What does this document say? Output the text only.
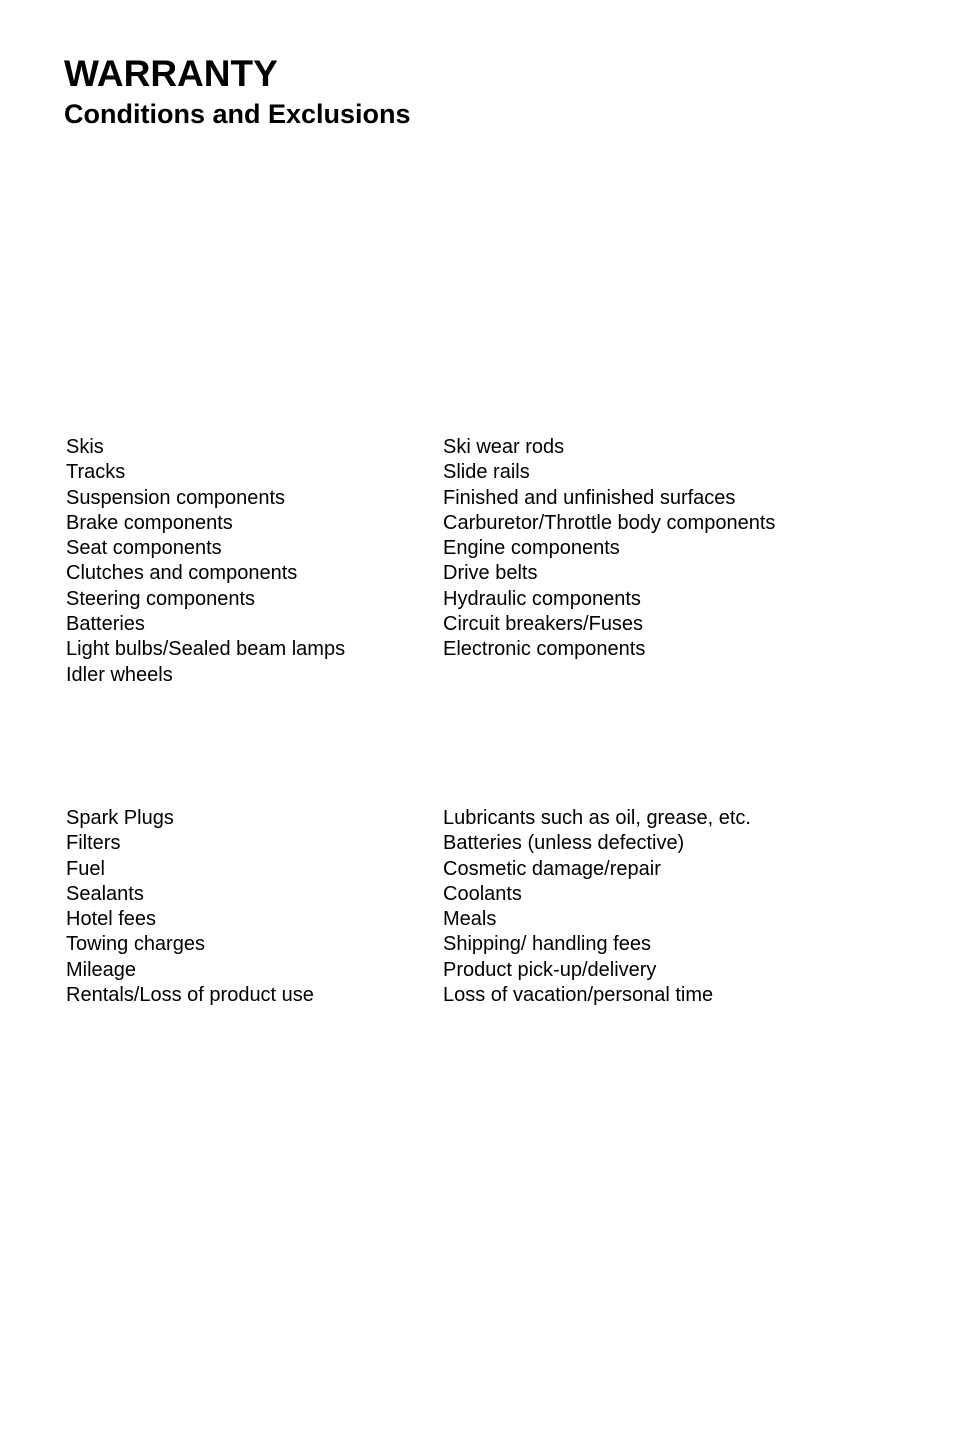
WARRANTY
Conditions and Exclusions
Skis
Tracks
Suspension components
Brake components
Seat components
Clutches and components
Steering components
Batteries
Light bulbs/Sealed beam lamps
Idler wheels
Ski wear rods
Slide rails
Finished and unfinished surfaces
Carburetor/Throttle body components
Engine components
Drive belts
Hydraulic components
Circuit breakers/Fuses
Electronic components
Spark Plugs
Filters
Fuel
Sealants
Hotel fees
Towing charges
Mileage
Rentals/Loss of product use
Lubricants such as oil, grease, etc.
Batteries (unless defective)
Cosmetic damage/repair
Coolants
Meals
Shipping/ handling fees
Product pick-up/delivery
Loss of vacation/personal time
